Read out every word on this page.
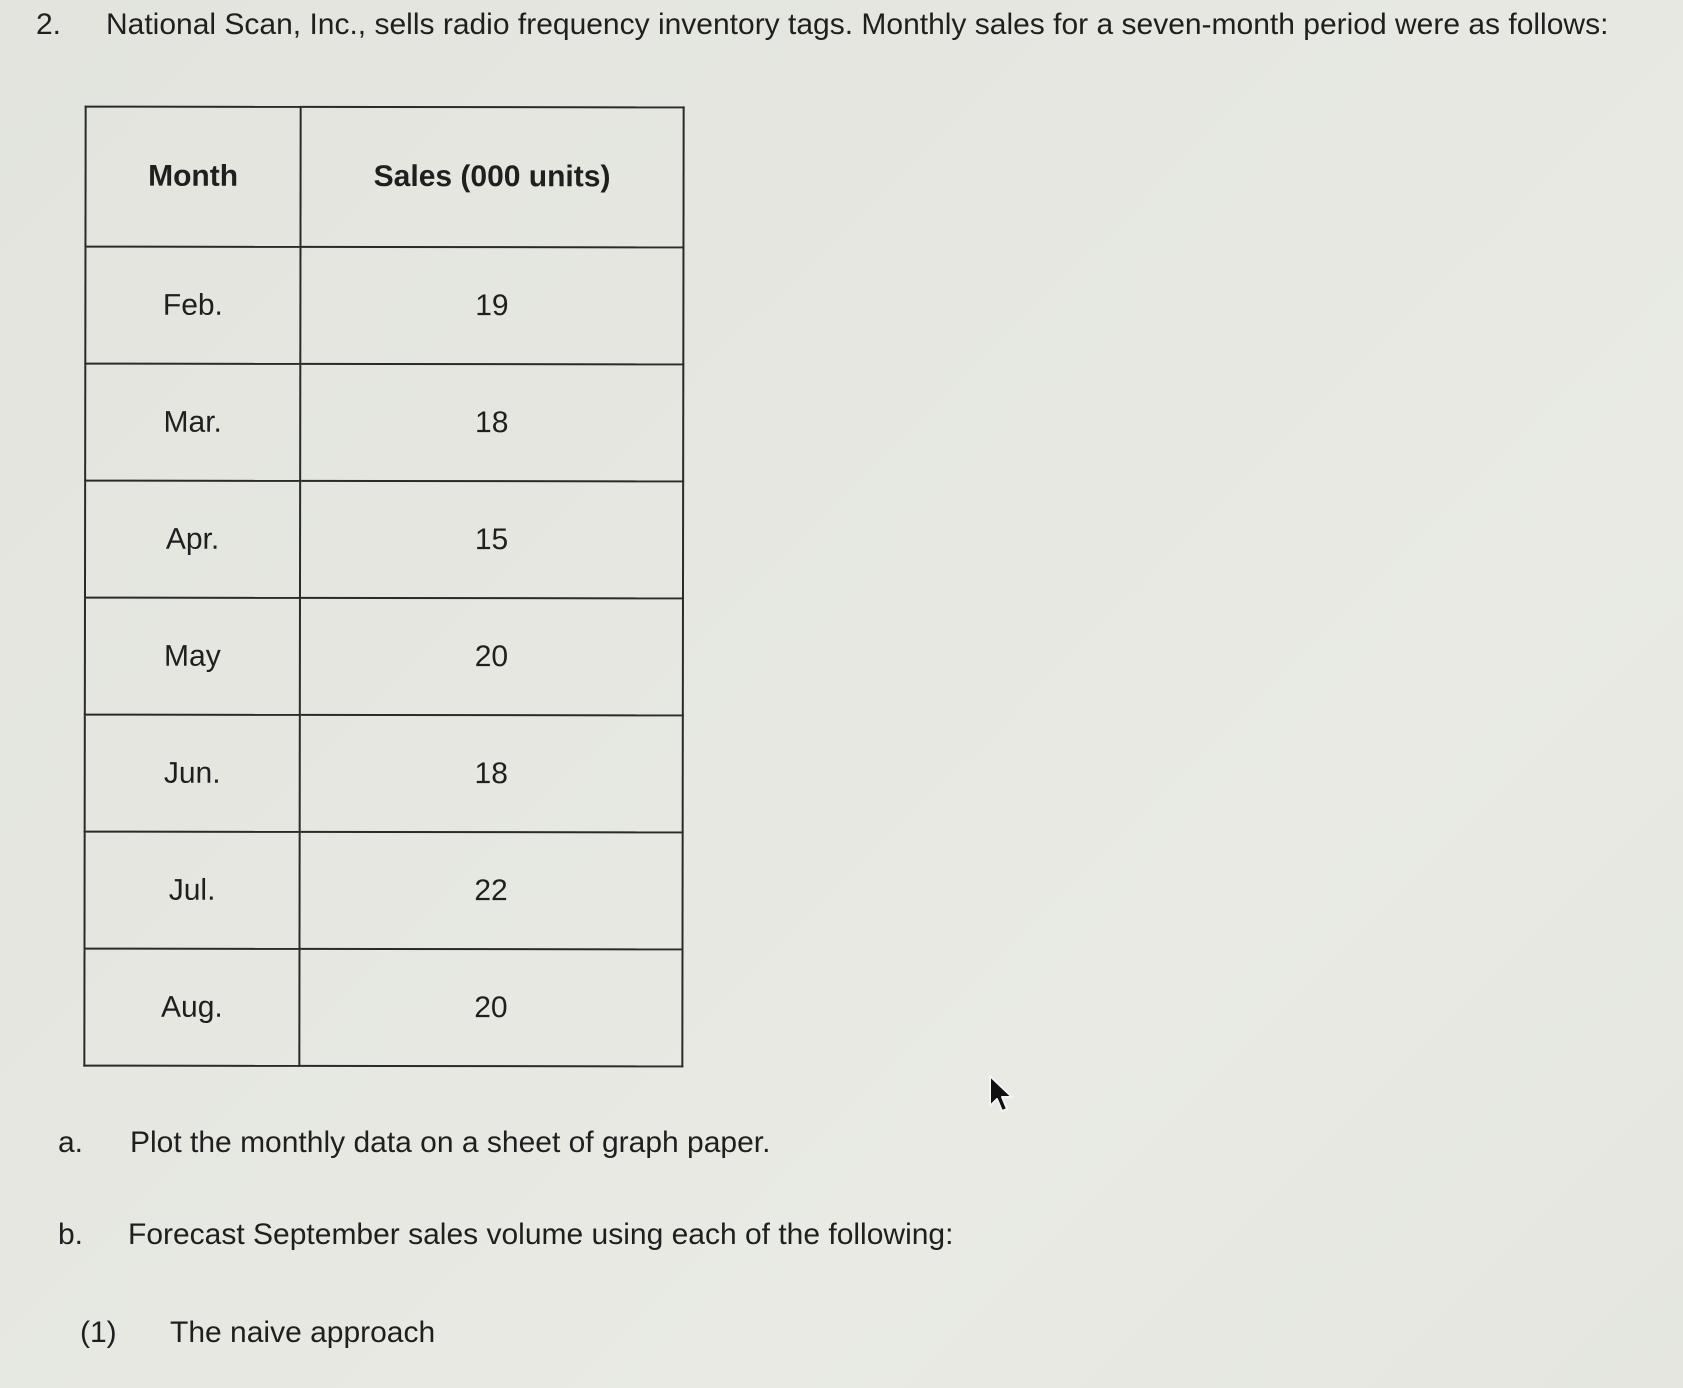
2. National Scan, Inc., sells radio frequency inventory tags. Monthly sales for a seven-month period were as follows:
Month	Sales (000 units)
Feb.	19
Mar.	18
Apr.	15
May	20
Jun.	18
Jul.	22
Aug.	20
a. Plot the monthly data on a sheet of graph paper.
b. Forecast September sales volume using each of the following:
(1) The naive approach
